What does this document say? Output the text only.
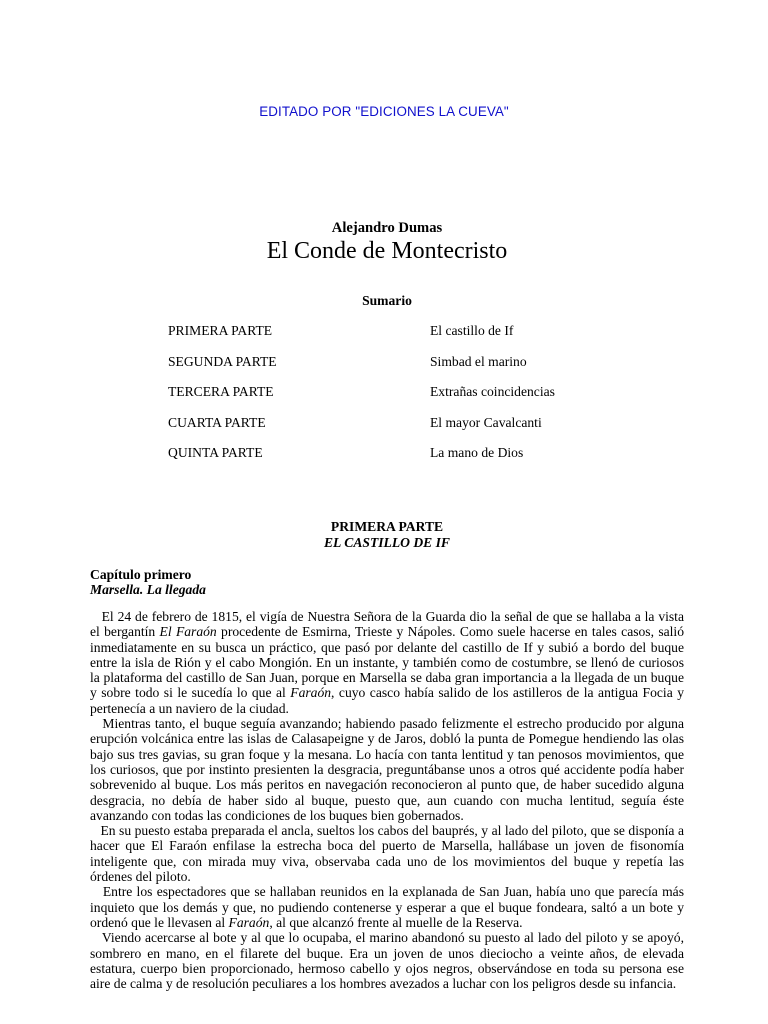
EDITADO POR "EDICIONES LA CUEVA"
Alejandro Dumas
El Conde de Montecristo
Sumario
PRIMERA PARTE	El castillo de If
SEGUNDA PARTE	Simbad el marino
TERCERA PARTE	Extrañas coincidencias
CUARTA PARTE	El mayor Cavalcanti
QUINTA PARTE	La mano de Dios
PRIMERA PARTE
EL CASTILLO DE IF
Capítulo primero
Marsella. La llegada

El 24 de febrero de 1815, el vigía de Nuestra Señora de la Guarda dio la señal de que se hallaba a la vista el bergantín El Faraón procedente de Esmirna, Trieste y Nápoles. Como suele hacerse en tales casos, salió inmediatamente en su busca un práctico, que pasó por delante del castillo de If y subió a bordo del buque entre la isla de Rión y el cabo Mongión. En un instante, y también como de costumbre, se llenó de curiosos la plataforma del castillo de San Juan, porque en Marsella se daba gran importancia a la llegada de un buque y sobre todo si le sucedía lo que al Faraón, cuyo casco había salido de los astilleros de la antigua Focia y pertenecía a un naviero de la ciudad.

Mientras tanto, el buque seguía avanzando; habiendo pasado felizmente el estrecho producido por alguna erupción volcánica entre las islas de Calasapeigne y de Jaros, dobló la punta de Pomegue hendiendo las olas bajo sus tres gavias, su gran foque y la mesana. Lo hacía con tanta lentitud y tan penosos movimientos, que los curiosos, que por instinto presienten la desgracia, preguntábanse unos a otros qué accidente podía haber sobrevenido al buque. Los más peritos en navegación reconocieron al punto que, de haber sucedido alguna desgracia, no debía de haber sido al buque, puesto que, aun cuando con mucha lentitud, seguía éste avanzando con todas las condiciones de los buques bien gobernados.

En su puesto estaba preparada el ancla, sueltos los cabos del bauprés, y al lado del piloto, que se disponía a hacer que El Faraón enfilase la estrecha boca del puerto de Marsella, hallábase un joven de fisonomía inteligente que, con mirada muy viva, observaba cada uno de los movimientos del buque y repetía las órdenes del piloto.

Entre los espectadores que se hallaban reunidos en la explanada de San Juan, había uno que parecía más inquieto que los demás y que, no pudiendo contenerse y esperar a que el buque fondeara, saltó a un bote y ordenó que le llevasen al Faraón, al que alcanzó frente al muelle de la Reserva.

Viendo acercarse al bote y al que lo ocupaba, el marino abandonó su puesto al lado del piloto y se apoyó, sombrero en mano, en el filarete del buque. Era un joven de unos dieciocho a veinte años, de elevada estatura, cuerpo bien proporcionado, hermoso cabello y ojos negros, observándose en toda su persona ese aire de calma y de resolución peculiares a los hombres avezados a luchar con los peligros desde su infancia.
